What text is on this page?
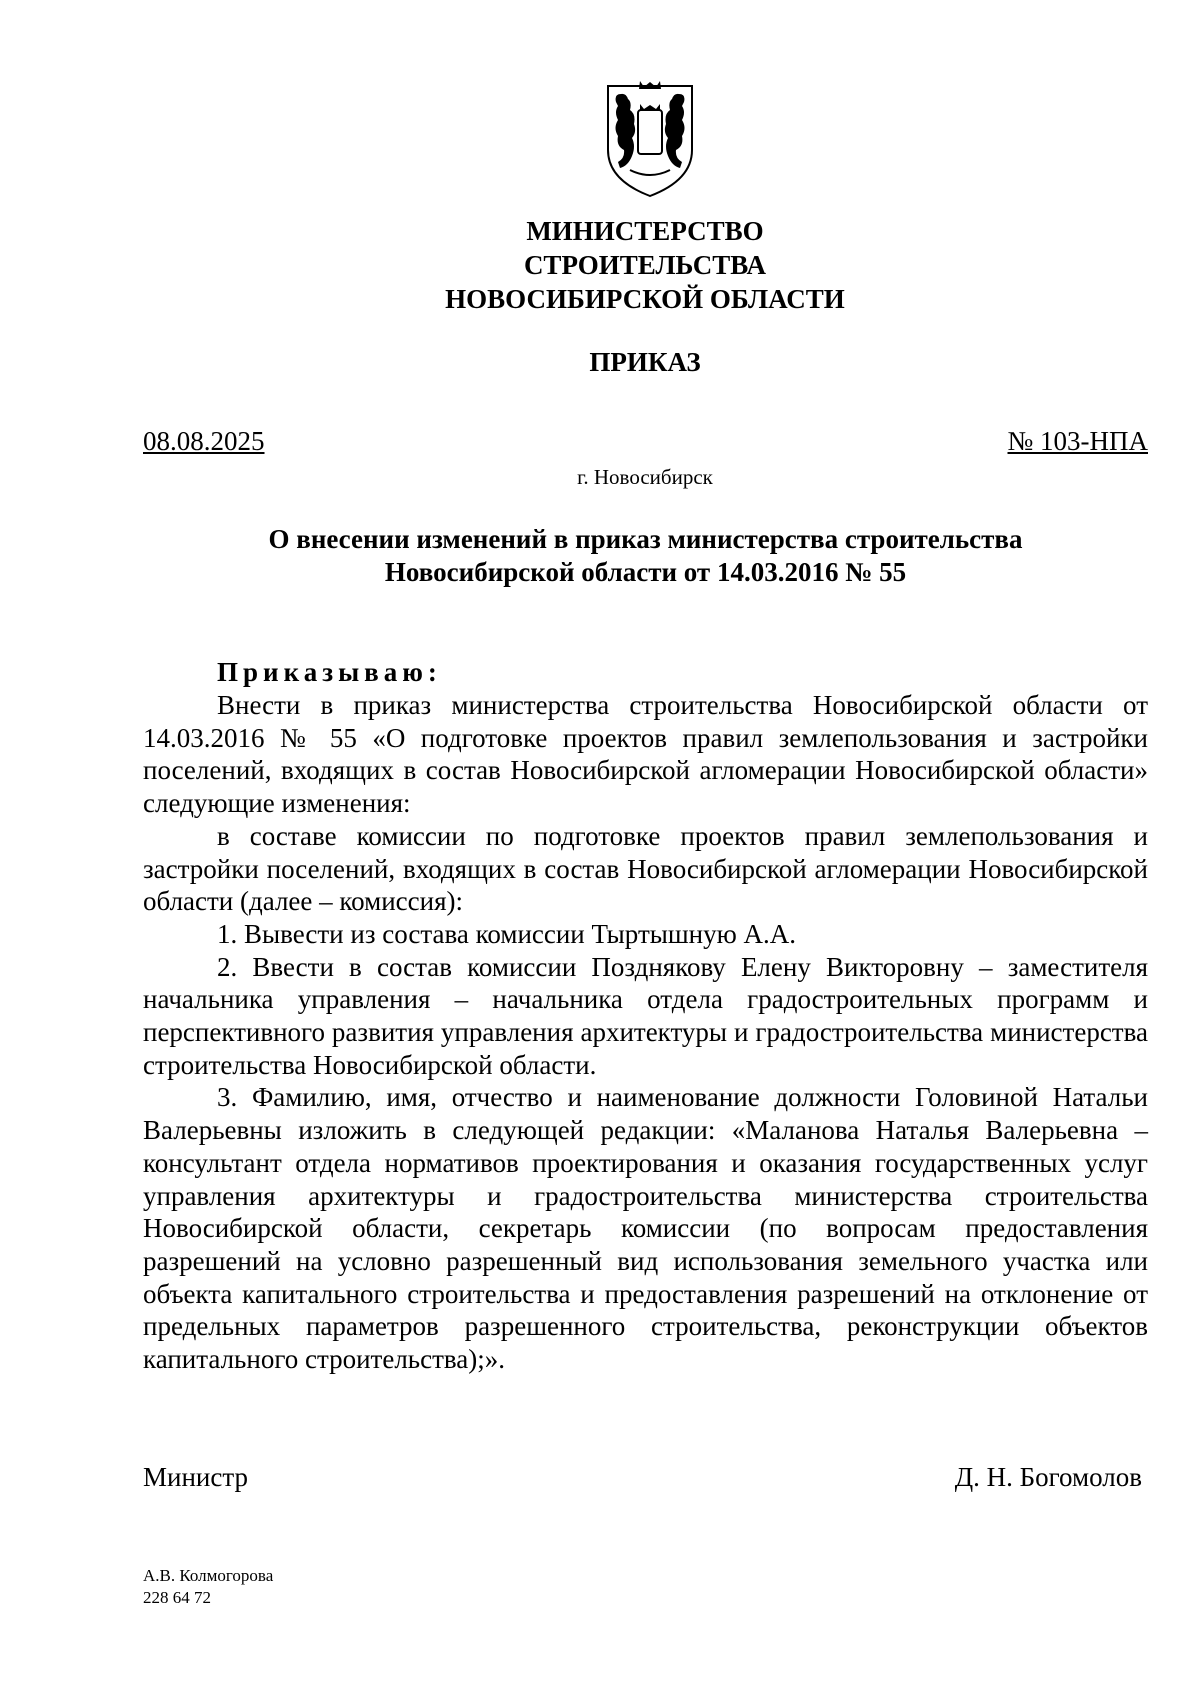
МИНИСТЕРСТВО
СТРОИТЕЛЬСТВА
НОВОСИБИРСКОЙ ОБЛАСТИ
ПРИКАЗ
08.08.2025	№ 103-НПА
г. Новосибирск
О внесении изменений в приказ министерства строительства
Новосибирской области от 14.03.2016 № 55
Приказываю:

Внести в приказ министерства строительства Новосибирской области от 14.03.2016 № 55 «О подготовке проектов правил землепользования и застройки поселений, входящих в состав Новосибирской агломерации Новосибирской области» следующие изменения:

в составе комиссии по подготовке проектов правил землепользования и застройки поселений, входящих в состав Новосибирской агломерации Новосибирской области (далее – комиссия):

1. Вывести из состава комиссии Тыртышную А.А.

2. Ввести в состав комиссии Позднякову Елену Викторовну – заместителя начальника управления – начальника отдела градостроительных программ и перспективного развития управления архитектуры и градостроительства министерства строительства Новосибирской области.

3. Фамилию, имя, отчество и наименование должности Головиной Натальи Валерьевны изложить в следующей редакции: «Маланова Наталья Валерьевна – консультант отдела нормативов проектирования и оказания государственных услуг управления архитектуры и градостроительства министерства строительства Новосибирской области, секретарь комиссии (по вопросам предоставления разрешений на условно разрешенный вид использования земельного участка или объекта капитального строительства и предоставления разрешений на отклонение от предельных параметров разрешенного строительства, реконструкции объектов капитального строительства);».

Министр	Д. Н. Богомолов
А.В. Колмогорова
228 64 72
